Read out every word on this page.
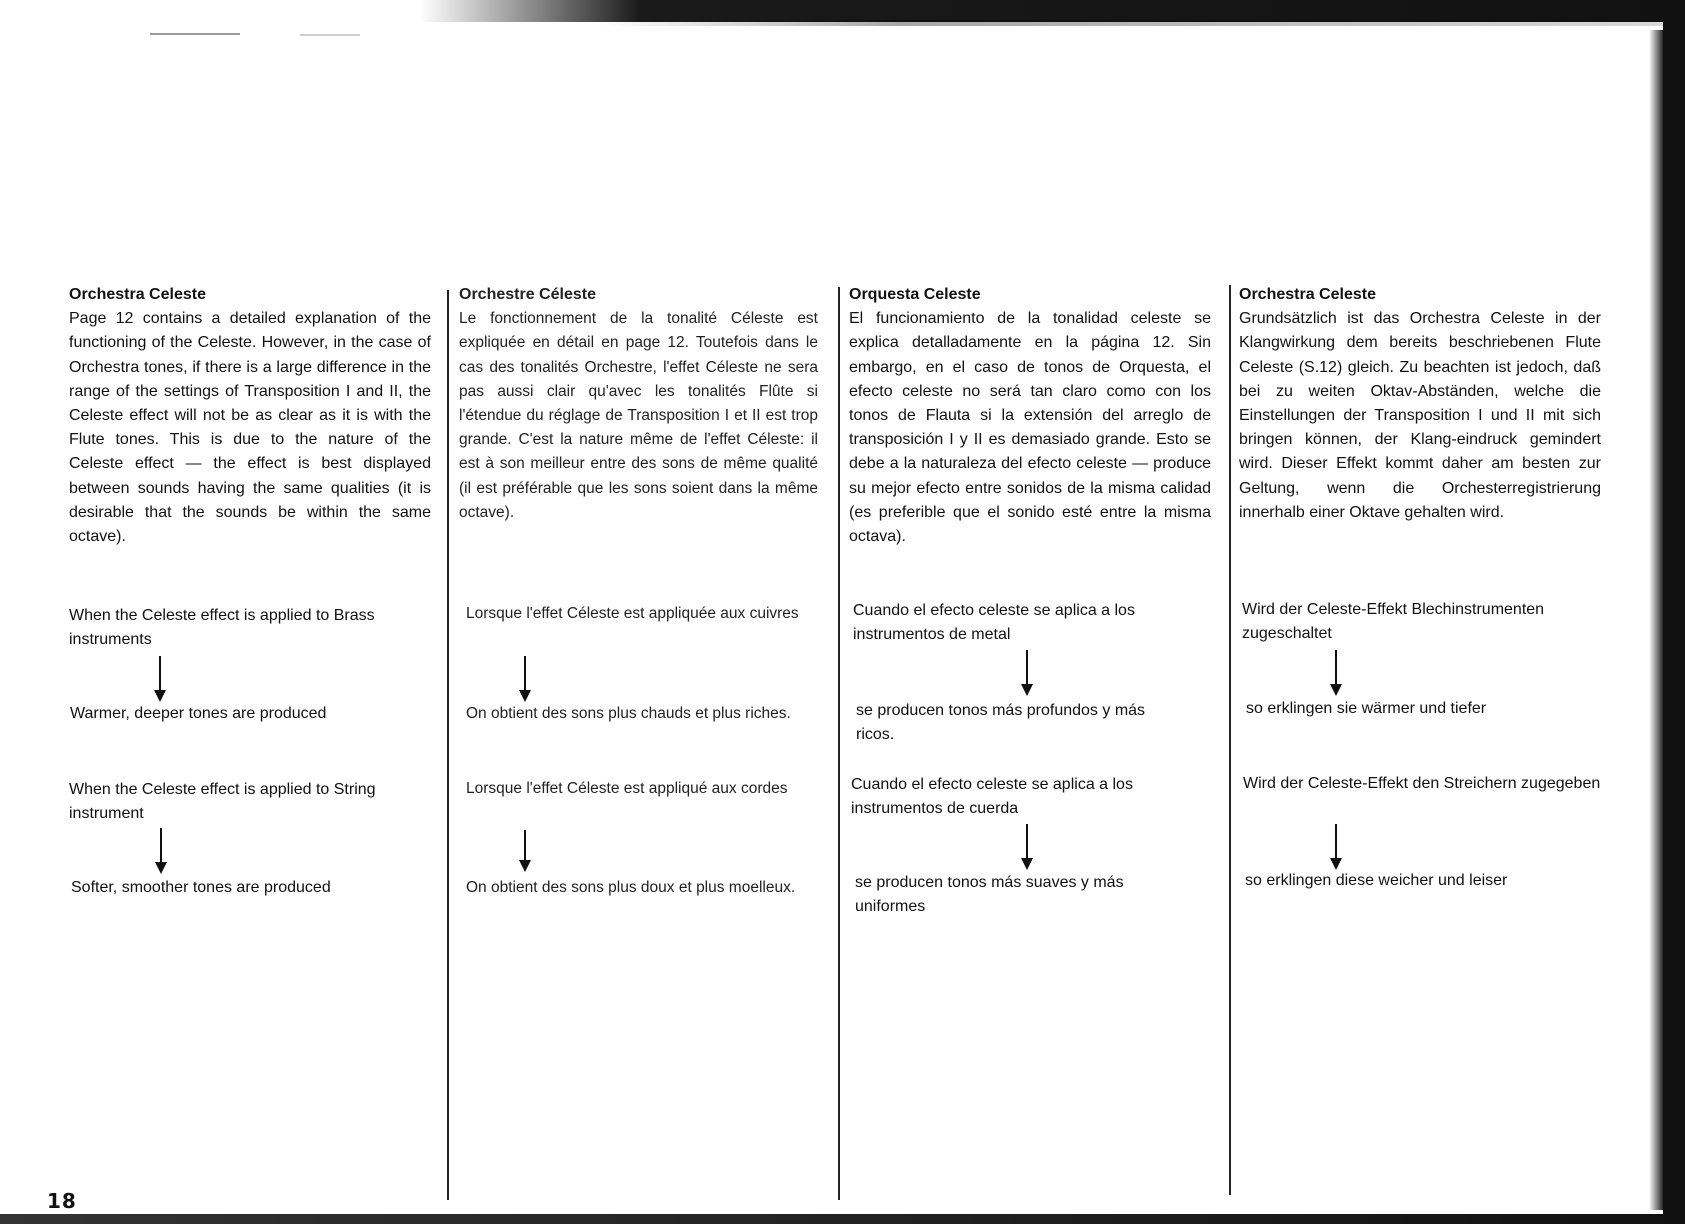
Orchestra Celeste

Page 12 contains a detailed explanation of the functioning of the Celeste. However, in the case of Orchestra tones, if there is a large difference in the range of the settings of Transposition I and II, the Celeste effect will not be as clear as it is with the Flute tones. This is due to the nature of the Celeste effect — the effect is best displayed between sounds having the same qualities (it is desirable that the sounds be within the same octave).

When the Celeste effect is applied to Brass instruments

Warmer, deeper tones are produced

When the Celeste effect is applied to String instrument

Softer, smoother tones are produced

Orchestre Céleste

Le fonctionnement de la tonalité Céleste est expliquée en détail en page 12. Toutefois dans le cas des tonalités Orchestre, l'effet Céleste ne sera pas aussi clair qu'avec les tonalités Flûte si l'étendue du réglage de Transposition I et II est trop grande. C'est la nature même de l'effet Céleste: il est à son meilleur entre des sons de même qualité (il est préférable que les sons soient dans la même octave).

Lorsque l'effet Céleste est appliquée aux cuivres

On obtient des sons plus chauds et plus riches.

Lorsque l'effet Céleste est appliqué aux cordes

On obtient des sons plus doux et plus moelleux.

Orquesta Celeste

El funcionamiento de la tonalidad celeste se explica detalladamente en la página 12. Sin embargo, en el caso de tonos de Orquesta, el efecto celeste no será tan claro como con los tonos de Flauta si la extensión del arreglo de transposición I y II es demasiado grande. Esto se debe a la naturaleza del efecto celeste — produce su mejor efecto entre sonidos de la misma calidad (es preferible que el sonido esté entre la misma octava).

Cuando el efecto celeste se aplica a los instrumentos de metal

se producen tonos más profundos y más ricos.

Cuando el efecto celeste se aplica a los instrumentos de cuerda

se producen tonos más suaves y más uniformes

Orchestra Celeste

Grundsätzlich ist das Orchestra Celeste in der Klangwirkung dem bereits beschriebenen Flute Celeste (S.12) gleich. Zu beachten ist jedoch, daß bei zu weiten Oktav-Abständen, welche die Einstellungen der Transposition I und II mit sich bringen können, der Klang-eindruck gemindert wird. Dieser Effekt kommt daher am besten zur Geltung, wenn die Orchesterregistrierung innerhalb einer Oktave gehalten wird.

Wird der Celeste-Effekt Blechinstrumenten zugeschaltet

so erklingen sie wärmer und tiefer

Wird der Celeste-Effekt den Streichern zugegeben

so erklingen diese weicher und leiser

18
